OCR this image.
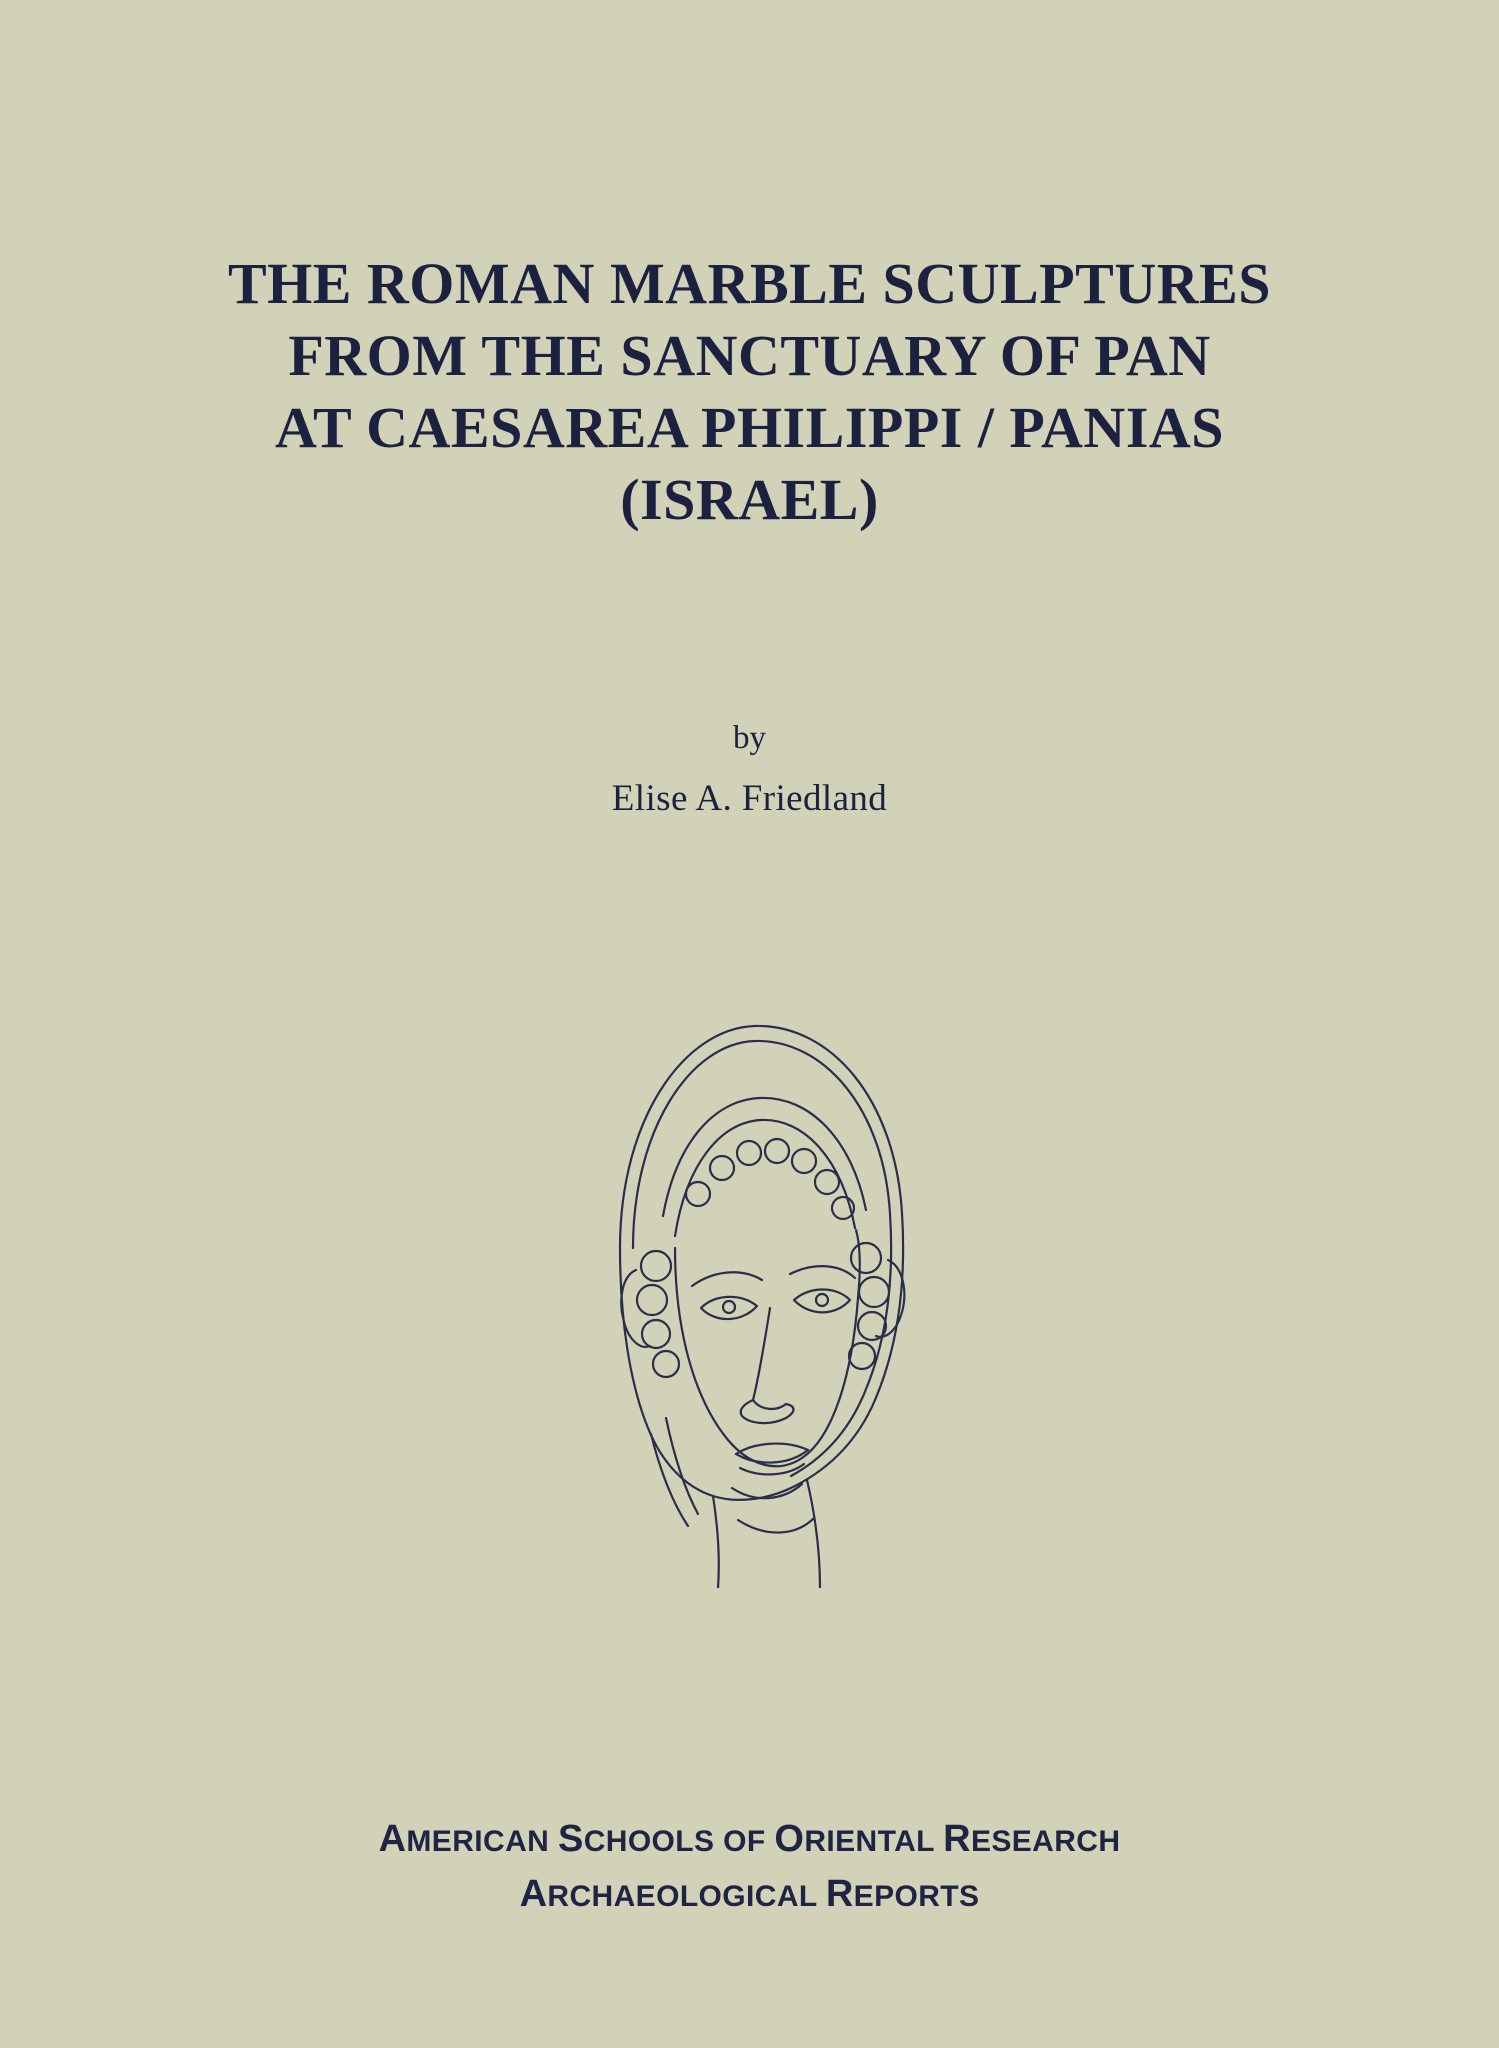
THE ROMAN MARBLE SCULPTURES
FROM THE SANCTUARY OF PAN
AT CAESAREA PHILIPPI / PANIAS
(ISRAEL)
by
Elise A. Friedland
AMERICAN SCHOOLS OF ORIENTAL RESEARCH
ARCHAEOLOGICAL REPORTS
